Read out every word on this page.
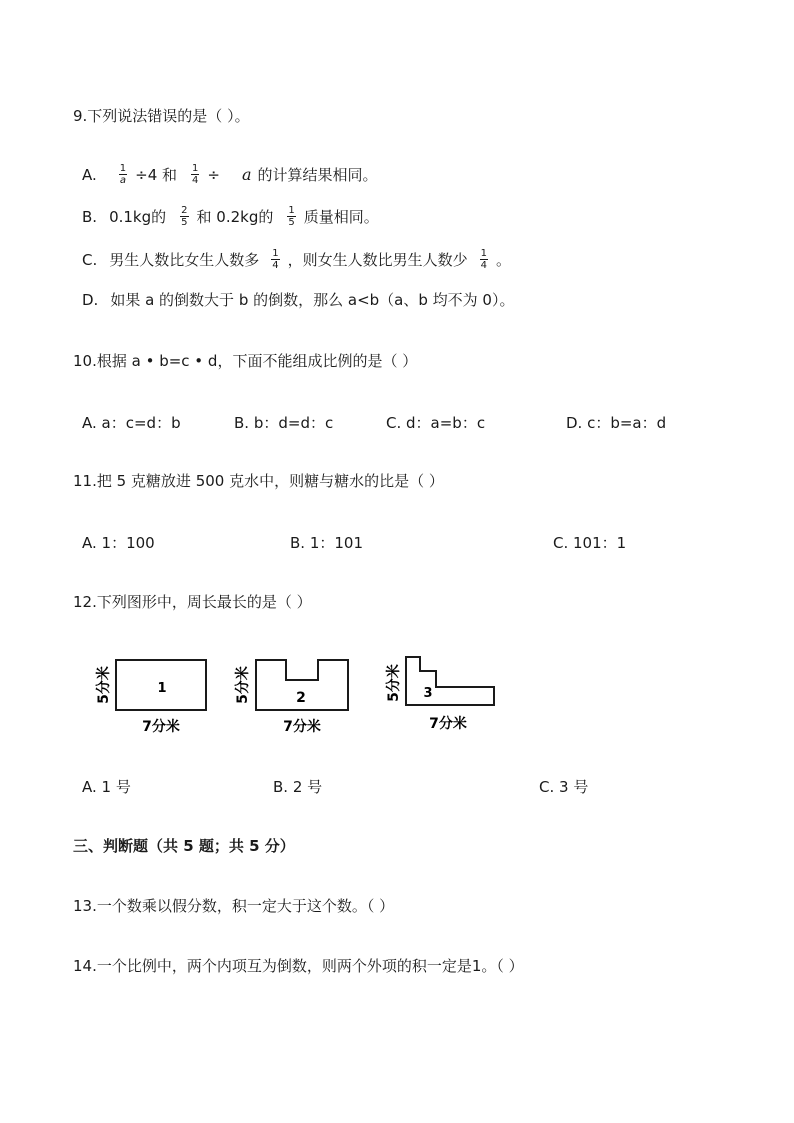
9.下列说法错误的是（ ）。
A. $\frac{1}{a} \div 4$ 和 $\frac{1}{4} \div a$ 的计算结果相同。
B. 0.1kg的 $\frac{2}{5}$ 和 0.2kg的 $\frac{1}{5}$ 质量相同。
C. 男生人数比女生人数多 $\frac{1}{4}$ ，则女生人数比男生人数少 $\frac{1}{4}$ 。
D. 如果 a 的倒数大于 b 的倒数，那么 a<b（a、b 均不为 0）。
10.根据 a • b=c • d，下面不能组成比例的是（ ）
A. a：c=d：b	B. b：d=d：c	C. d：a=b：c	D. c：b=a：d
11.把 5 克糖放进 500 克水中，则糖与糖水的比是（ ）
A. 1：100	B. 1：101	C. 101：1
12.下列图形中，周长最长的是（ ）
1
7分米
5分米	2
7分米
5分米	3
7分米
5分米
A. 1 号	B. 2 号	C. 3 号
三、判断题（共 5 题；共 5 分）
13.一个数乘以假分数，积一定大于这个数。（ ）
14.一个比例中，两个内项互为倒数，则两个外项的积一定是1。（ ）
